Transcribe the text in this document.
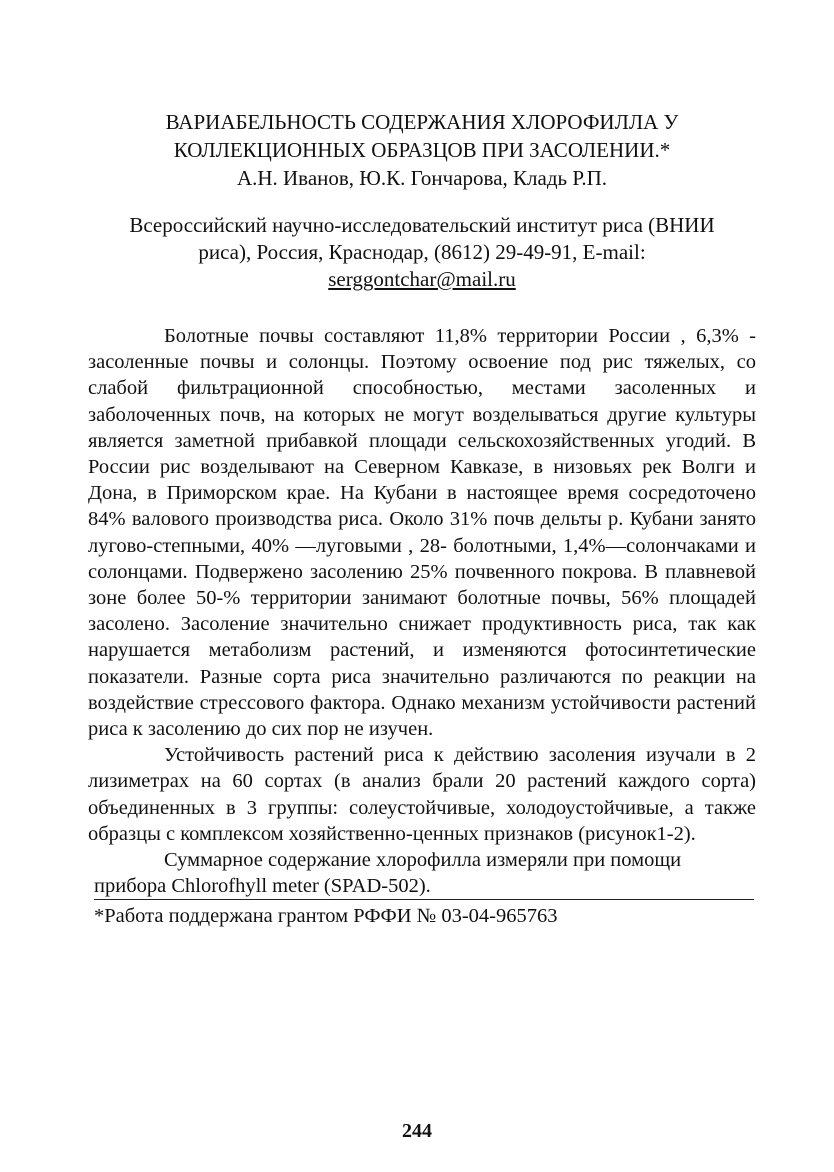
ВАРИАБЕЛЬНОСТЬ СОДЕРЖАНИЯ ХЛОРОФИЛЛА У

КОЛЛЕКЦИОННЫХ ОБРАЗЦОВ ПРИ ЗАСОЛЕНИИ.*

А.Н. Иванов, Ю.К. Гончарова, Кладь Р.П.

Всероссийский научно-исследовательский институт риса (ВНИИ
риса), Россия, Краснодар, (8612) 29-49-91, E-mail:
serggontchar@mail.ru

Болотные почвы составляют 11,8% территории России , 6,3% - засоленные почвы и солонцы. Поэтому освоение под рис тяжелых, со слабой фильтрационной способностью, местами засоленных и заболоченных почв, на которых не могут возделываться другие культуры является заметной прибавкой площади сельскохозяйственных угодий. В России рис возделывают на Северном Кавказе, в низовьях рек Волги и Дона, в Приморском крае. На Кубани в настоящее время сосредоточено 84% валового производства риса. Около 31% почв дельты р. Кубани занято лугово-степными, 40% —луговыми , 28- болотными, 1,4%—солончаками и солонцами. Подвержено засолению 25% почвенного покрова. В плавневой зоне более 50-% территории занимают болотные почвы, 56% площадей засолено. Засоление значительно снижает продуктивность риса, так как нарушается метаболизм растений, и изменяются фотосинтетические показатели. Разные сорта риса значительно различаются по реакции на воздействие стрессового фактора. Однако механизм устойчивости растений риса к засолению до сих пор не изучен.

Устойчивость растений риса к действию засоления изучали в 2 лизиметрах на 60 сортах (в анализ брали 20 растений каждого сорта) объединенных в 3 группы: солеустойчивые, холодоустойчивые, а также образцы с комплексом хозяйственно-ценных признаков (рисунок1-2).

Суммарное содержание хлорофилла измеряли при помощи

прибора Chlorofhyll meter (SPAD-502).

*Работа поддержана грантом РФФИ № 03-04-965763

244
